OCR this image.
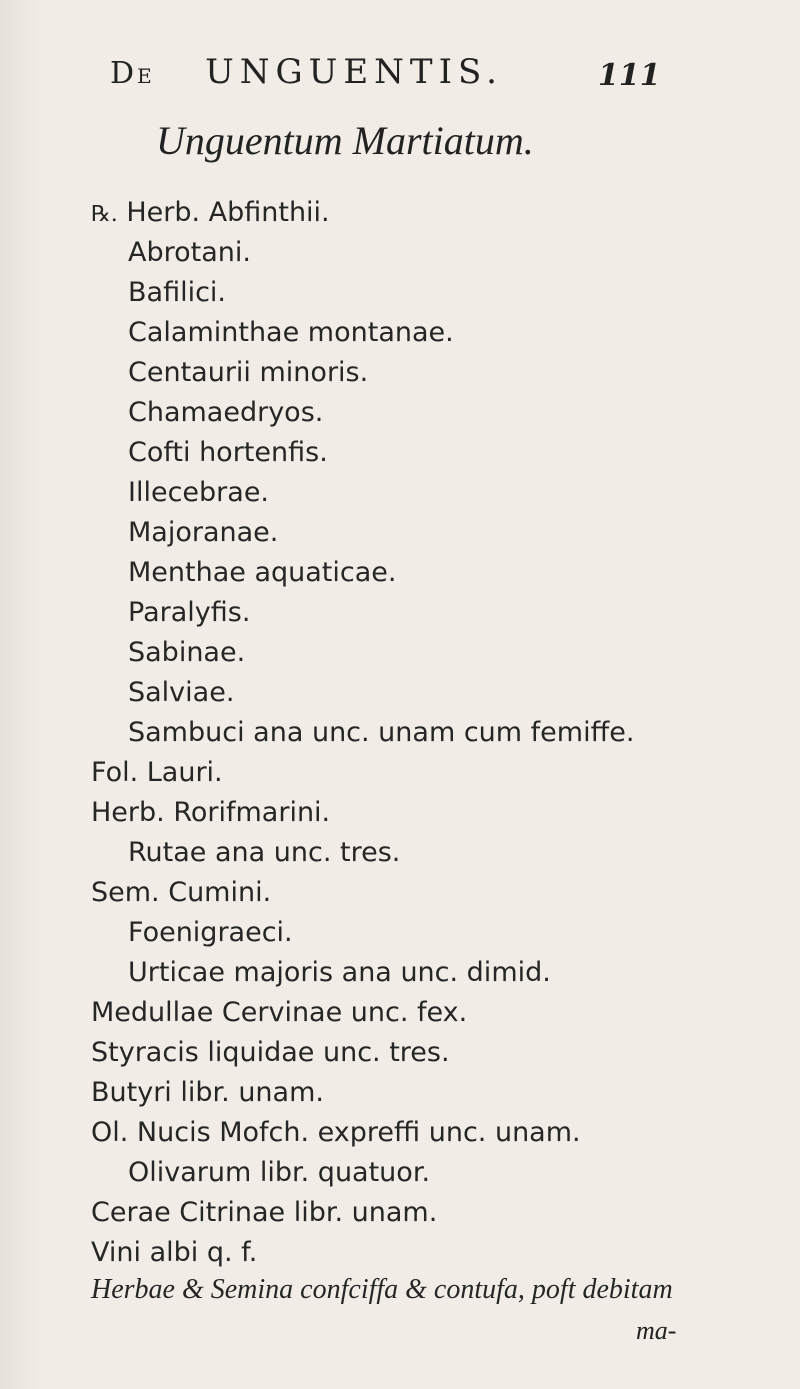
DE UNGUENTIS.	111
Unguentum Martiatum.
℞. Herb. Abfinthii.
Abrotani.
Bafilici.
Calaminthae montanae.
Centaurii minoris.
Chamaedryos.
Cofti hortenfis.
Illecebrae.
Majoranae.
Menthae aquaticae.
Paralyfis.
Sabinae.
Salviae.
Sambuci ana unc. unam cum femiffe.
Fol. Lauri.
Herb. Rorifmarini.
Rutae ana unc. tres.
Sem. Cumini.
Foenigraeci.
Urticae majoris ana unc. dimid.
Medullae Cervinae unc. fex.
Styracis liquidae unc. tres.
Butyri libr. unam.
Ol. Nucis Mofch. expreffi unc. unam.
Olivarum libr. quatuor.
Cerae Citrinae libr. unam.
Vini albi q. f.
Herbae & Semina confciffa & contufa, poft debitam
ma-
